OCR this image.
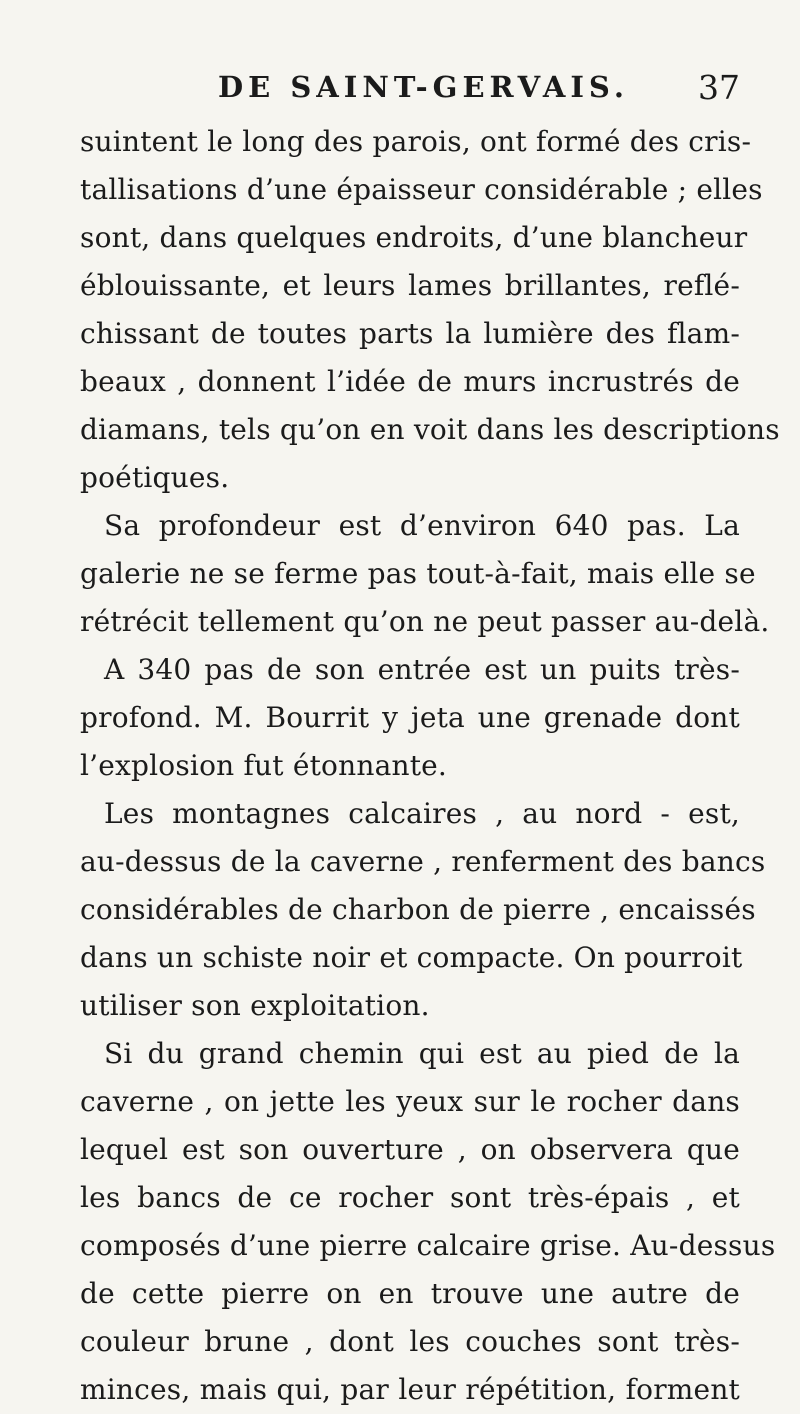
DE SAINT-GERVAIS. 37
suintent le long des parois, ont formé des cris-
tallisations d’une épaisseur considérable ; elles
sont, dans quelques endroits, d’une blancheur
éblouissante, et leurs lames brillantes, reflé-
chissant de toutes parts la lumière des flam-
beaux , donnent l’idée de murs incrustrés de
diamans, tels qu’on en voit dans les descriptions
poétiques.
Sa profondeur est d’environ 640 pas. La
galerie ne se ferme pas tout-à-fait, mais elle se
rétrécit tellement qu’on ne peut passer au-delà.
A 340 pas de son entrée est un puits très-
profond. M. Bourrit y jeta une grenade dont
l’explosion fut étonnante.
Les montagnes calcaires , au nord - est,
au-dessus de la caverne , renferment des bancs
considérables de charbon de pierre , encaissés
dans un schiste noir et compacte. On pourroit
utiliser son exploitation.
Si du grand chemin qui est au pied de la
caverne , on jette les yeux sur le rocher dans
lequel est son ouverture , on observera que
les bancs de ce rocher sont très-épais , et
composés d’une pierre calcaire grise. Au-dessus
de cette pierre on en trouve une autre de
couleur brune , dont les couches sont très-
minces, mais qui, par leur répétition, forment
